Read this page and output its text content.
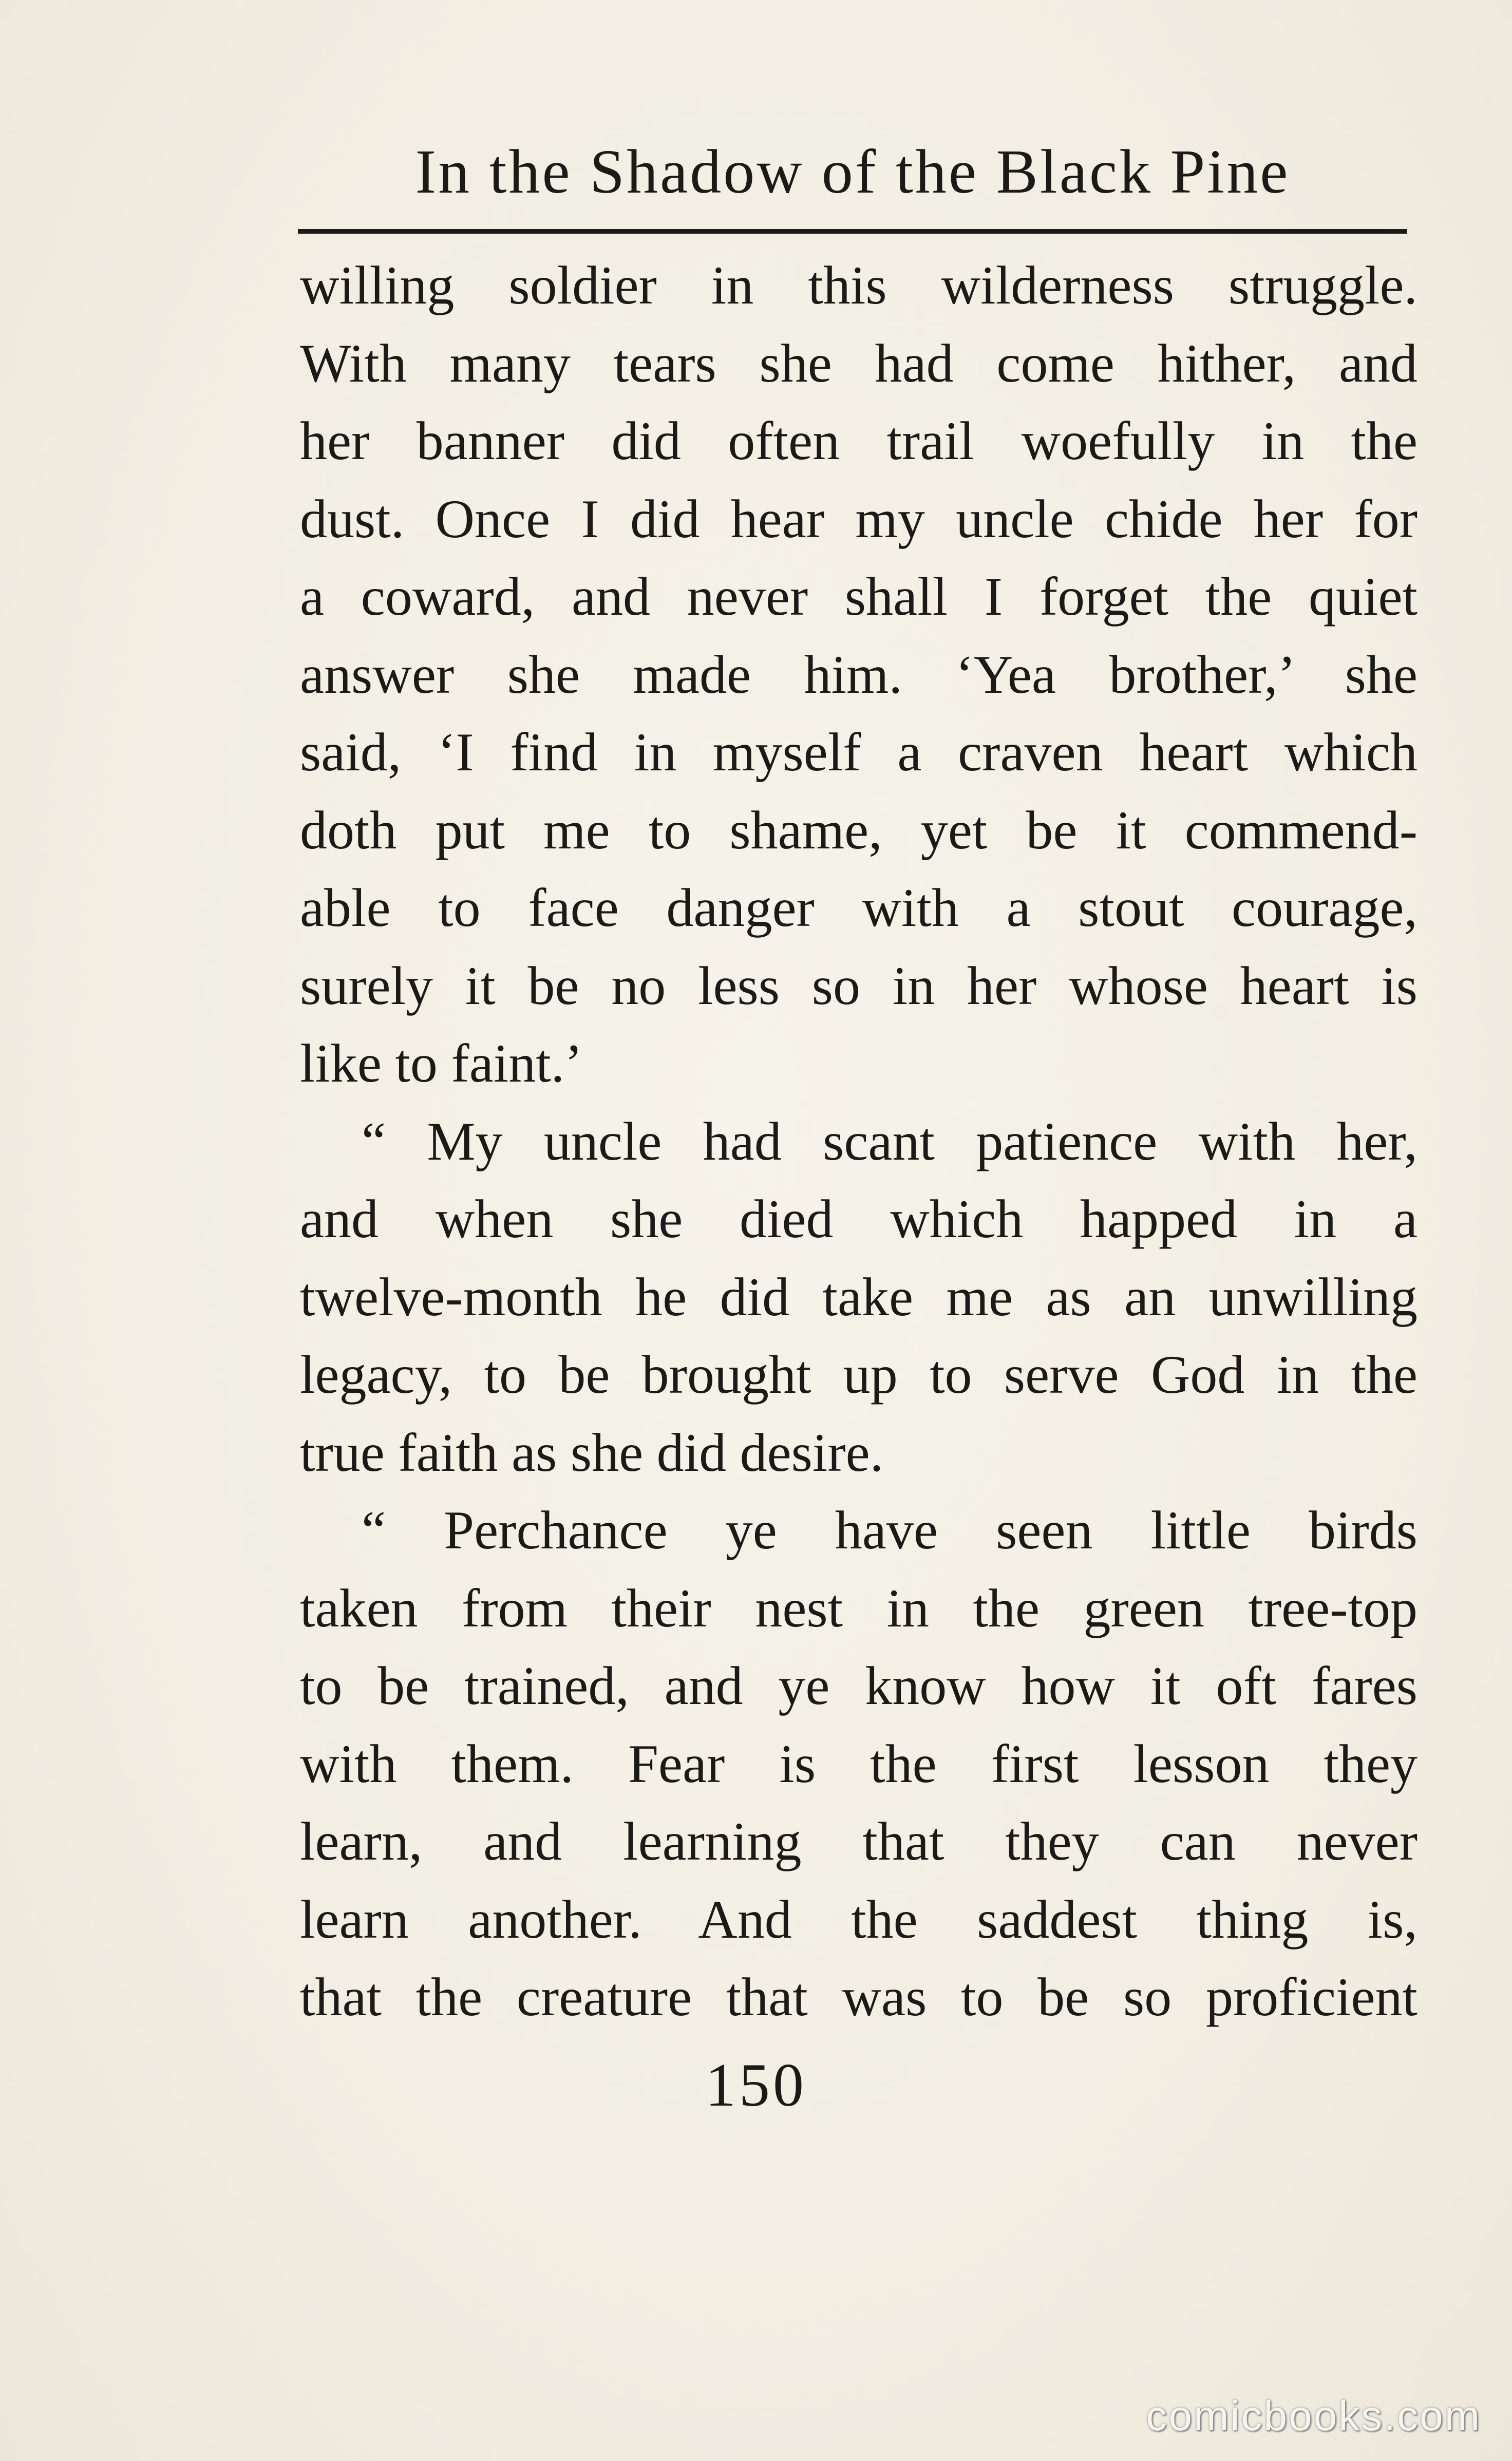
In the Shadow of the Black Pine
willing soldier in this wilderness struggle.
With many tears she had come hither, and
her banner did often trail woefully in the
dust. Once I did hear my uncle chide her for
a coward, and never shall I forget the quiet
answer she made him. ‘Yea brother,’ she
said, ‘I find in myself a craven heart which
doth put me to shame, yet be it commend-
able to face danger with a stout courage,
surely it be no less so in her whose heart is
like to faint.’
“ My uncle had scant patience with her,
and when she died which happed in a
twelve-month he did take me as an unwilling
legacy, to be brought up to serve God in the
true faith as she did desire.
“ Perchance ye have seen little birds
taken from their nest in the green tree-top
to be trained, and ye know how it oft fares
with them. Fear is the first lesson they
learn, and learning that they can never
learn another. And the saddest thing is,
that the creature that was to be so proficient
150
comicbooks.com
